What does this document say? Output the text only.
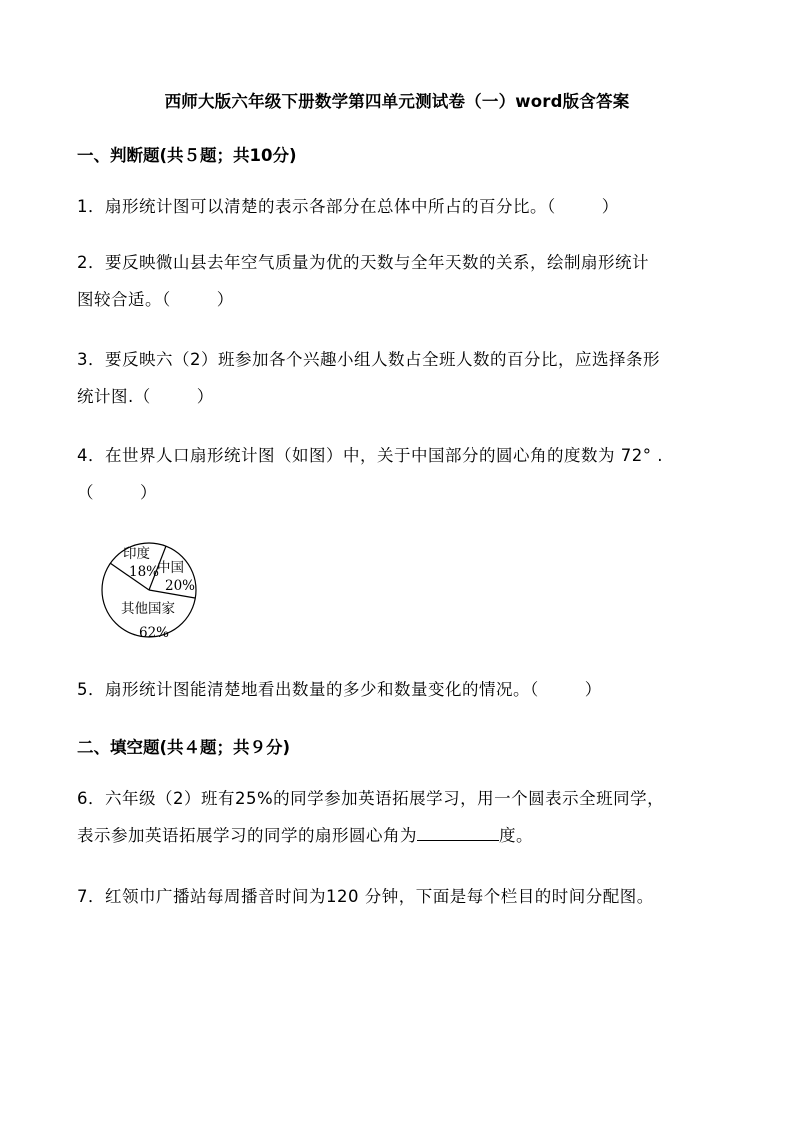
西师大版六年级下册数学第四单元测试卷（一）word版含答案
一、判断题(共５题；共10分)
1．扇形统计图可以清楚的表示各部分在总体中所占的百分比。（        ）
2．要反映微山县去年空气质量为优的天数与全年天数的关系，绘制扇形统计
图较合适。（        ）
3．要反映六（2）班参加各个兴趣小组人数占全班人数的百分比，应选择条形
统计图.（        ）
4．在世界人口扇形统计图（如图）中，关于中国部分的圆心角的度数为 72° .
（        ）
印度
18%
中国
20%
其他国家
62%
5．扇形统计图能清楚地看出数量的多少和数量变化的情况。（        ）
二、填空题(共４题；共９分)
6．六年级（2）班有25%的同学参加英语拓展学习，用一个圆表示全班同学，
表示参加英语拓展学习的同学的扇形圆心角为	度。
7．红领巾广播站每周播音时间为120 分钟，下面是每个栏目的时间分配图。
